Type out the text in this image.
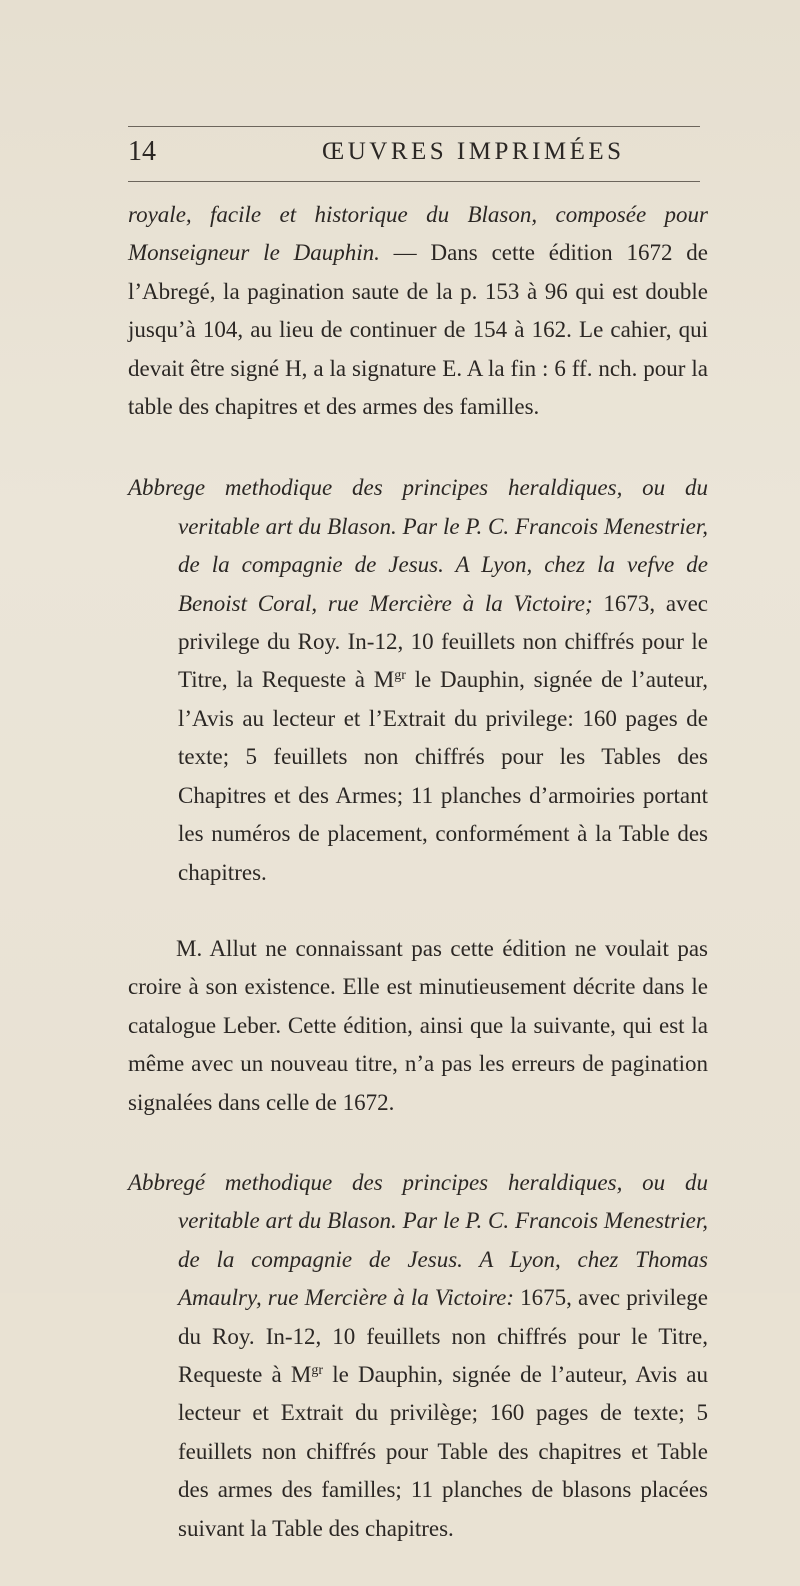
14	ŒUVRES IMPRIMÉES

royale, facile et historique du Blason, composée pour Monseigneur le Dauphin. — Dans cette édition 1672 de l’Abregé, la pagination saute de la p. 153 à 96 qui est double jusqu’à 104, au lieu de continuer de 154 à 162. Le cahier, qui devait être signé H, a la signature E. A la fin : 6 ff. nch. pour la table des chapitres et des armes des familles.

Abbrege methodique des principes heraldiques, ou du veritable art du Blason. Par le P. C. Francois Menestrier, de la compagnie de Jesus. A Lyon, chez la vefve de Benoist Coral, rue Mercière à la Victoire; 1673, avec privilege du Roy. In-12, 10 feuillets non chiffrés pour le Titre, la Requeste à $M^{gr}$ le Dauphin, signée de l’auteur, l’Avis au lecteur et l’Extrait du privilege: 160 pages de texte; 5 feuillets non chiffrés pour les Tables des Chapitres et des Armes; 11 planches d’armoiries portant les numéros de placement, conformément à la Table des chapitres.

M. Allut ne connaissant pas cette édition ne voulait pas croire à son existence. Elle est minutieusement décrite dans le catalogue Leber. Cette édition, ainsi que la suivante, qui est la même avec un nouveau titre, n’a pas les erreurs de pagination signalées dans celle de 1672.

Abbregé methodique des principes heraldiques, ou du veritable art du Blason. Par le P. C. Francois Menestrier, de la compagnie de Jesus. A Lyon, chez Thomas Amaulry, rue Mercière à la Victoire: 1675, avec privilege du Roy. In-12, 10 feuillets non chiffrés pour le Titre, Requeste à $M^{gr}$ le Dauphin, signée de l’auteur, Avis au lecteur et Extrait du privilège; 160 pages de texte; 5 feuillets non chiffrés pour Table des chapitres et Table des armes des familles; 11 planches de blasons placées suivant la Table des chapitres.
